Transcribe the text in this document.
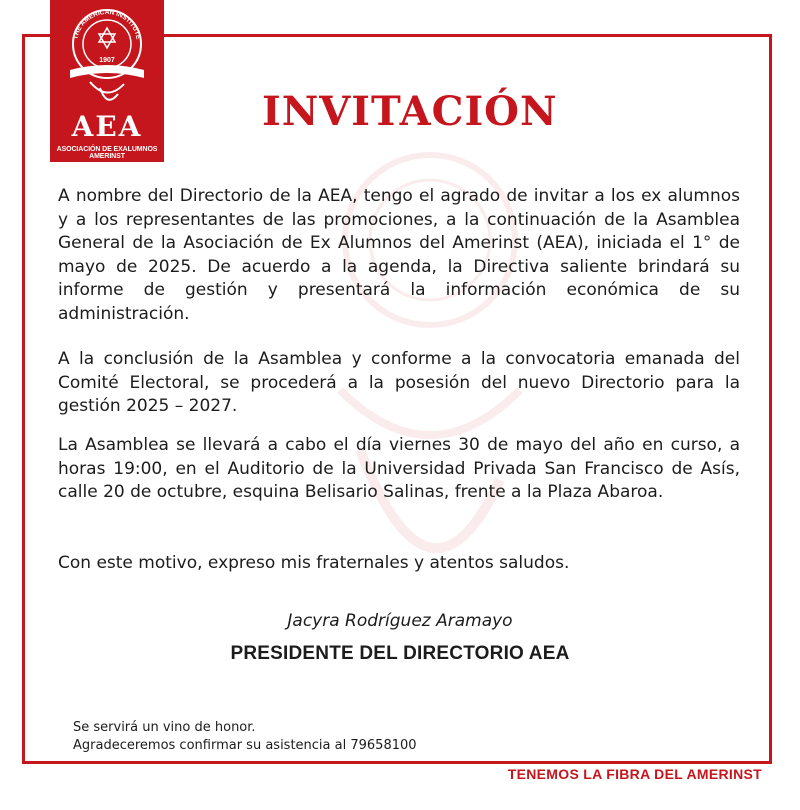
THE AMERICAN INSTITUTE
1907
AEA
ASOCIACIÓN DE EXALUMNOS AMERINST
INVITACIÓN

A nombre del Directorio de la AEA, tengo el agrado de invitar a los ex alumnos y a los representantes de las promociones, a la continuación de la Asamblea General de la Asociación de Ex Alumnos del Amerinst (AEA), iniciada el 1° de mayo de 2025. De acuerdo a la agenda, la Directiva saliente brindará su informe de gestión y presentará la información económica de su administración.

A la conclusión de la Asamblea y conforme a la convocatoria emanada del Comité Electoral, se procederá a la posesión del nuevo Directorio para la gestión 2025 – 2027.

La Asamblea se llevará a cabo el día viernes 30 de mayo del año en curso, a horas 19:00, en el Auditorio de la Universidad Privada San Francisco de Asís, calle 20 de octubre, esquina Belisario Salinas, frente a la Plaza Abaroa.

Con este motivo, expreso mis fraternales y atentos saludos.

Jacyra Rodríguez Aramayo
PRESIDENTE DEL DIRECTORIO AEA
Se servirá un vino de honor.
Agradeceremos confirmar su asistencia al 79658100
TENEMOS LA FIBRA DEL AMERINST
